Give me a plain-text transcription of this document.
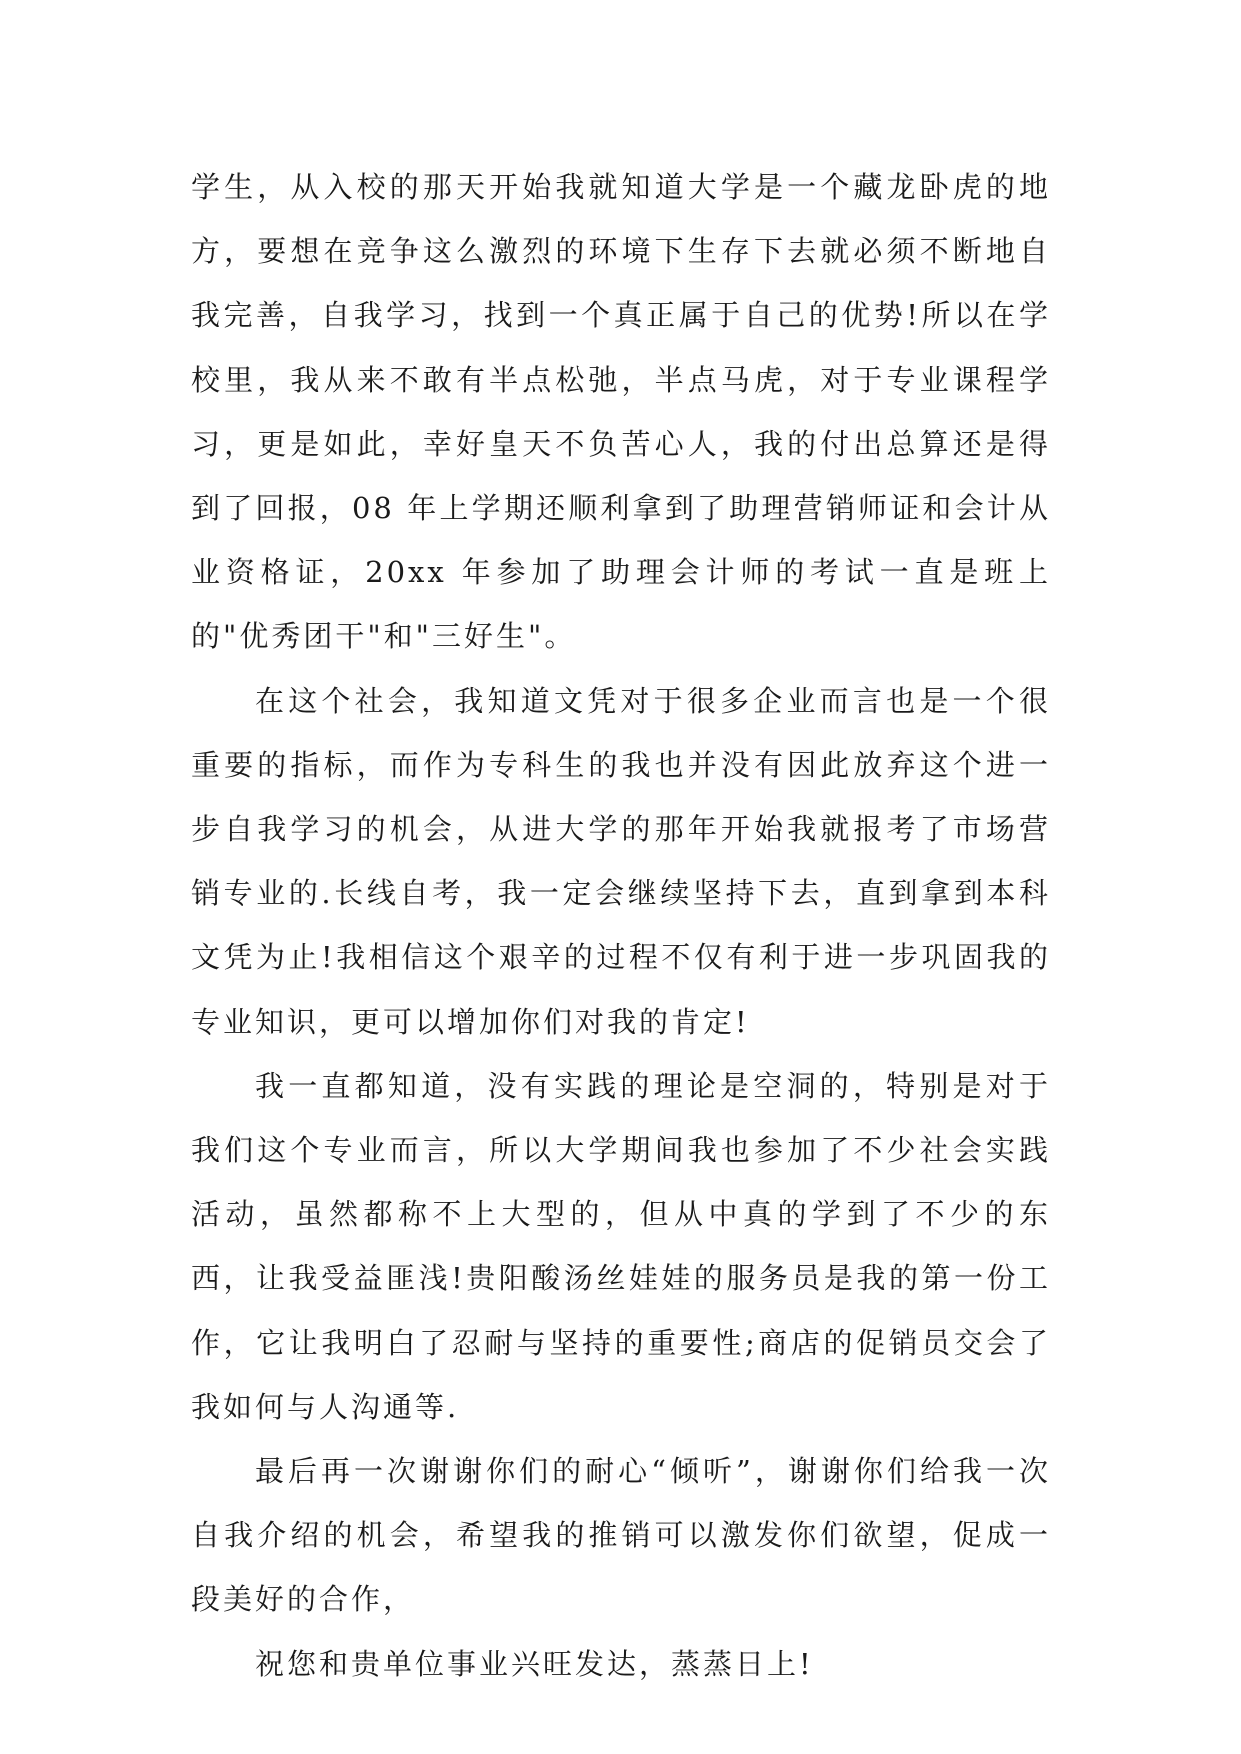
学生，从入校的那天开始我就知道大学是一个藏龙卧虎的地方，要想在竞争这么激烈的环境下生存下去就必须不断地自我完善，自我学习，找到一个真正属于自己的优势!所以在学校里，我从来不敢有半点松弛，半点马虎，对于专业课程学习，更是如此，幸好皇天不负苦心人，我的付出总算还是得到了回报，08 年上学期还顺利拿到了助理营销师证和会计从业资格证，20xx 年参加了助理会计师的考试一直是班上的"优秀团干"和"三好生"。

在这个社会，我知道文凭对于很多企业而言也是一个很重要的指标，而作为专科生的我也并没有因此放弃这个进一步自我学习的机会，从进大学的那年开始我就报考了市场营销专业的.长线自考，我一定会继续坚持下去，直到拿到本科文凭为止!我相信这个艰辛的过程不仅有利于进一步巩固我的专业知识，更可以增加你们对我的肯定!

我一直都知道，没有实践的理论是空洞的，特别是对于我们这个专业而言，所以大学期间我也参加了不少社会实践活动，虽然都称不上大型的，但从中真的学到了不少的东西，让我受益匪浅!贵阳酸汤丝娃娃的服务员是我的第一份工作，它让我明白了忍耐与坚持的重要性;商店的促销员交会了我如何与人沟通等.

最后再一次谢谢你们的耐心“倾听”，谢谢你们给我一次自我介绍的机会，希望我的推销可以激发你们欲望，促成一段美好的合作，

祝您和贵单位事业兴旺发达，蒸蒸日上!
